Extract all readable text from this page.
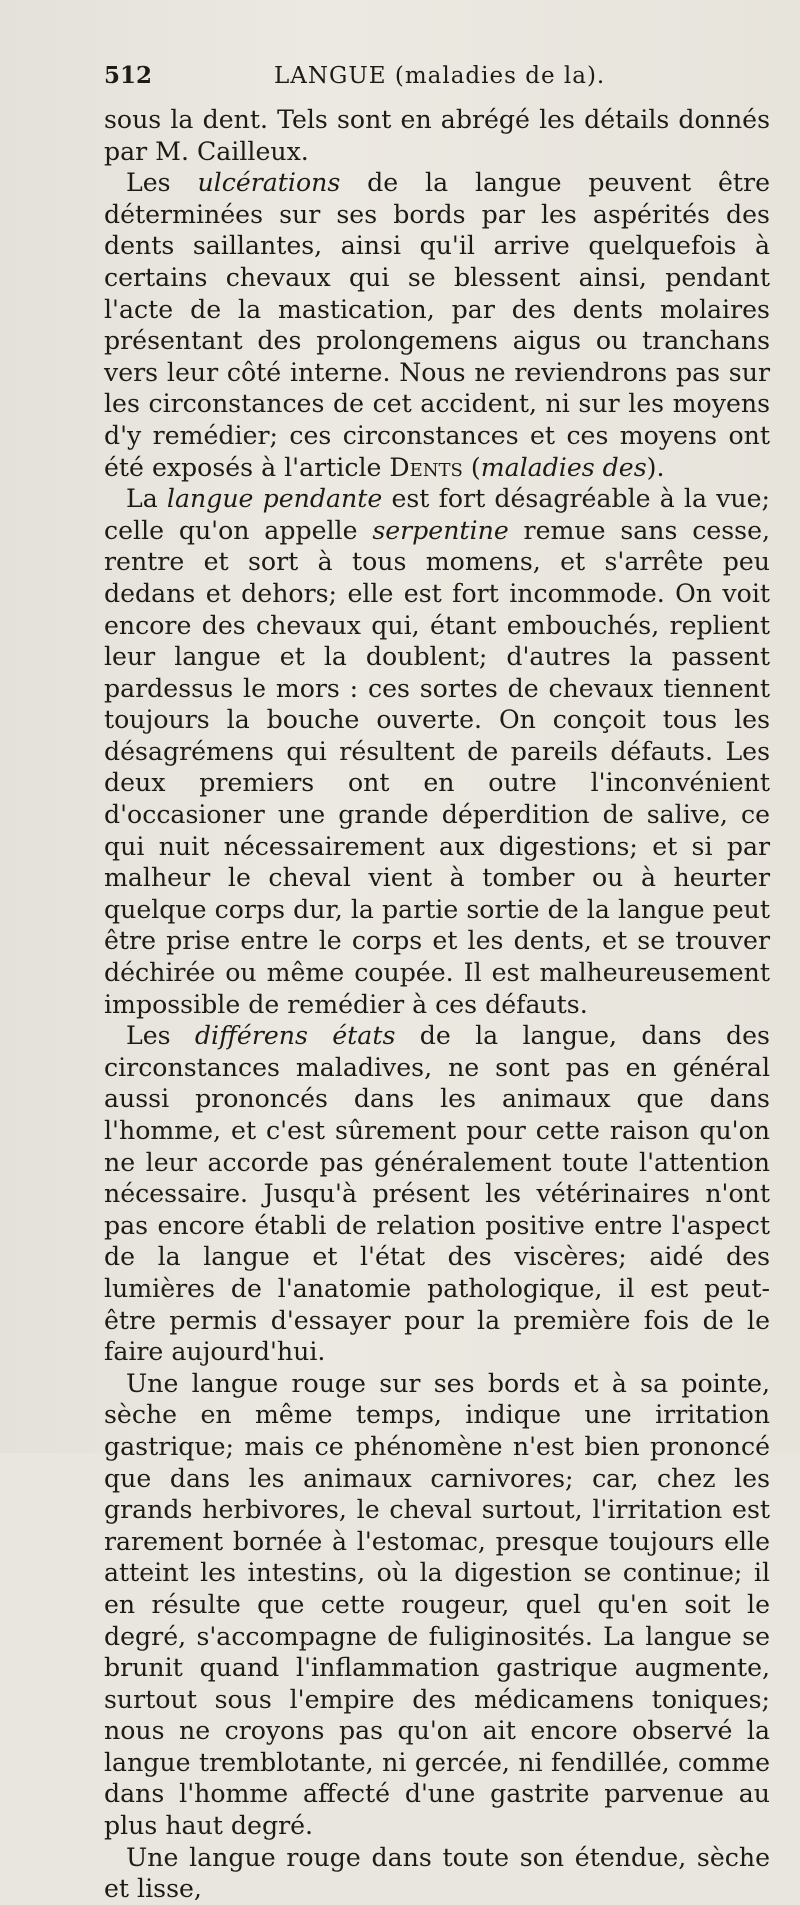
512	LANGUE (maladies de la).

sous la dent. Tels sont en abrégé les détails donnés par M. Cailleux.

Les ulcérations de la langue peuvent être déterminées sur ses bords par les aspérités des dents saillantes, ainsi qu'il arrive quelquefois à certains chevaux qui se blessent ainsi, pendant l'acte de la mastication, par des dents molaires présentant des prolongemens aigus ou tranchans vers leur côté interne. Nous ne reviendrons pas sur les circonstances de cet accident, ni sur les moyens d'y remédier; ces circonstances et ces moyens ont été exposés à l'article Dents (maladies des).

La langue pendante est fort désagréable à la vue; celle qu'on appelle serpentine remue sans cesse, rentre et sort à tous momens, et s'arrête peu dedans et dehors; elle est fort incommode. On voit encore des chevaux qui, étant embouchés, replient leur langue et la doublent; d'autres la passent pardessus le mors : ces sortes de chevaux tiennent toujours la bouche ouverte. On conçoit tous les désagrémens qui résultent de pareils défauts. Les deux premiers ont en outre l'inconvénient d'occasioner une grande déperdition de salive, ce qui nuit nécessairement aux digestions; et si par malheur le cheval vient à tomber ou à heurter quelque corps dur, la partie sortie de la langue peut être prise entre le corps et les dents, et se trouver déchirée ou même coupée. Il est malheureusement impossible de remédier à ces défauts.

Les différens états de la langue, dans des circonstances maladives, ne sont pas en général aussi prononcés dans les animaux que dans l'homme, et c'est sûrement pour cette raison qu'on ne leur accorde pas généralement toute l'attention nécessaire. Jusqu'à présent les vétérinaires n'ont pas encore établi de relation positive entre l'aspect de la langue et l'état des viscères; aidé des lumières de l'anatomie pathologique, il est peut-être permis d'essayer pour la première fois de le faire aujourd'hui.

Une langue rouge sur ses bords et à sa pointe, sèche en même temps, indique une irritation gastrique; mais ce phénomène n'est bien prononcé que dans les animaux carnivores; car, chez les grands herbivores, le cheval surtout, l'irritation est rarement bornée à l'estomac, presque toujours elle atteint les intestins, où la digestion se continue; il en résulte que cette rougeur, quel qu'en soit le degré, s'accompagne de fuliginosités. La langue se brunit quand l'inflammation gastrique augmente, surtout sous l'empire des médicamens toniques; nous ne croyons pas qu'on ait encore observé la langue tremblotante, ni gercée, ni fendillée, comme dans l'homme affecté d'une gastrite parvenue au plus haut degré.

Une langue rouge dans toute son étendue, sèche et lisse,
